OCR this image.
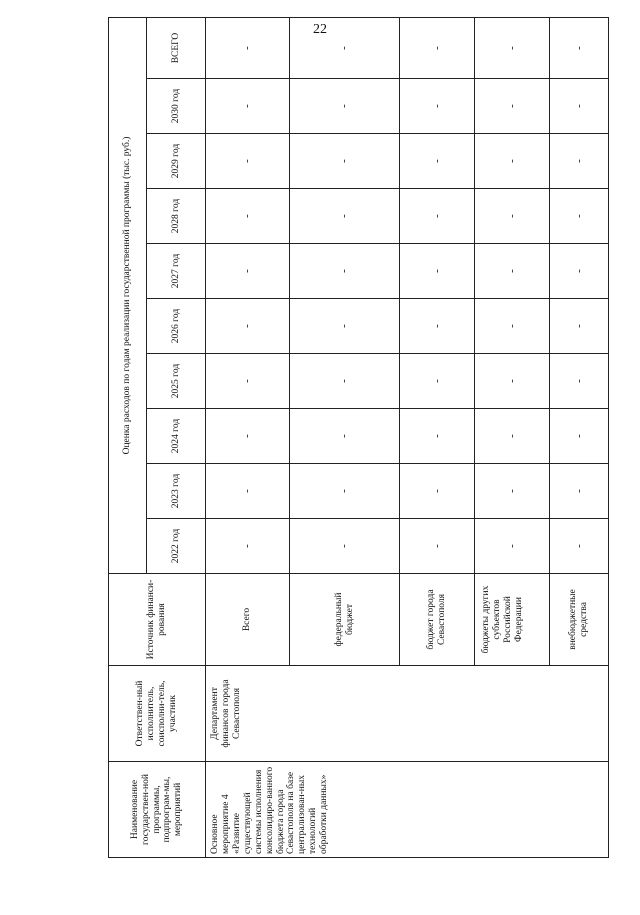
22
Наименование государствен-ной программы, подпрограм-мы, мероприятий	Ответствен-ный исполнитель, соисполни-тель, участник	Источник финанси-рования	Оценка расходов по годам реализации государственной программы (тыс. руб.)									
			2022 год	2023 год	2024 год	2025 год	2026 год	2027 год	2028 год	2029 год	2030 год	ВСЕГО
Основное мероприятие 4 «Развитие существующей системы исполнения консолидиро-ванного бюджета города Севастополя на базе централизован-ных технологий обработки данных»	Департамент финансов города Севастополя	Всего	-	-	-	-	-	-	-	-	-	-
		федеральный бюджет	-	-	-	-	-	-	-	-	-	-
		бюджет города Севастополя	-	-	-	-	-	-	-	-	-	-
		бюджеты других субъектов Российской Федерации	-	-	-	-	-	-	-	-	-	-
		внебюджетные средства	-	-	-	-	-	-	-	-	-	-
